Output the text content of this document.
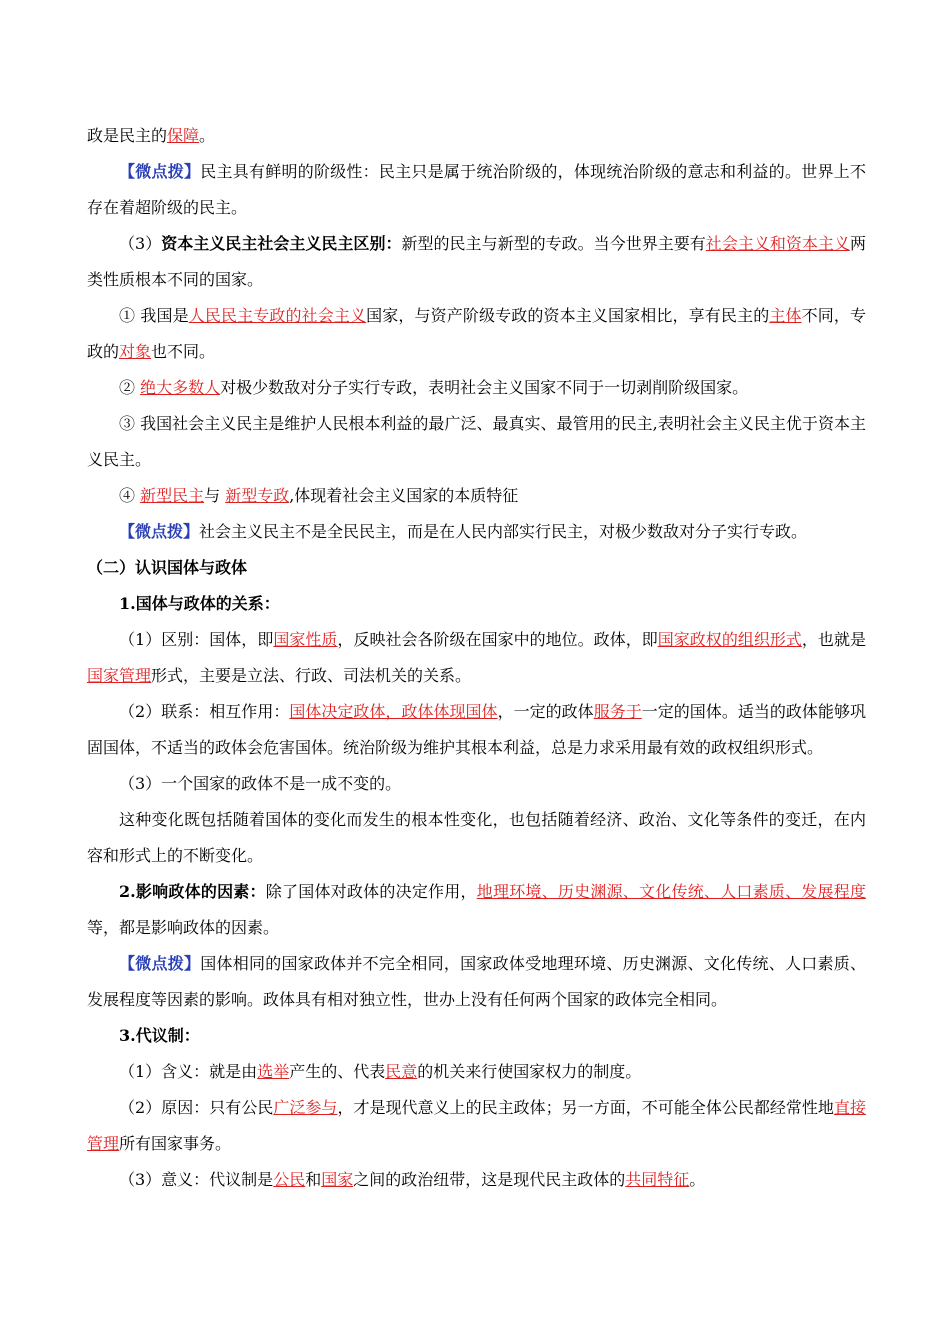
政是民主的保障。

【微点拨】民主具有鲜明的阶级性：民主只是属于统治阶级的，体现统治阶级的意志和利益的。世界上不存在着超阶级的民主。

（3）资本主义民主社会主义民主区别：新型的民主与新型的专政。当今世界主要有社会主义和资本主义两类性质根本不同的国家。

① 我国是人民民主专政的社会主义国家，与资产阶级专政的资本主义国家相比，享有民主的主体不同，专政的对象也不同。

② 绝大多数人对极少数敌对分子实行专政，表明社会主义国家不同于一切剥削阶级国家。

③ 我国社会主义民主是维护人民根本利益的最广泛、最真实、最管用的民主,表明社会主义民主优于资本主义民主。

④ 新型民主与 新型专政,体现着社会主义国家的本质特征

【微点拨】社会主义民主不是全民民主，而是在人民内部实行民主，对极少数敌对分子实行专政。

（二）认识国体与政体

1.国体与政体的关系：

（1）区别：国体，即国家性质，反映社会各阶级在国家中的地位。政体，即国家政权的组织形式，也就是国家管理形式，主要是立法、行政、司法机关的关系。

（2）联系：相互作用：国体决定政体，政体体现国体，一定的政体服务于一定的国体。适当的政体能够巩固国体，不适当的政体会危害国体。统治阶级为维护其根本利益，总是力求采用最有效的政权组织形式。

（3）一个国家的政体不是一成不变的。

这种变化既包括随着国体的变化而发生的根本性变化，也包括随着经济、政治、文化等条件的变迁，在内容和形式上的不断变化。

2.影响政体的因素：除了国体对政体的决定作用，地理环境、历史渊源、文化传统、人口素质、发展程度等，都是影响政体的因素。

【微点拨】国体相同的国家政体并不完全相同，国家政体受地理环境、历史渊源、文化传统、人口素质、发展程度等因素的影响。政体具有相对独立性，世办上没有任何两个国家的政体完全相同。

3.代议制：

（1）含义：就是由选举产生的、代表民意的机关来行使国家权力的制度。

（2）原因：只有公民广泛参与，才是现代意义上的民主政体；另一方面，不可能全体公民都经常性地直接管理所有国家事务。

（3）意义：代议制是公民和国家之间的政治纽带，这是现代民主政体的共同特征。
